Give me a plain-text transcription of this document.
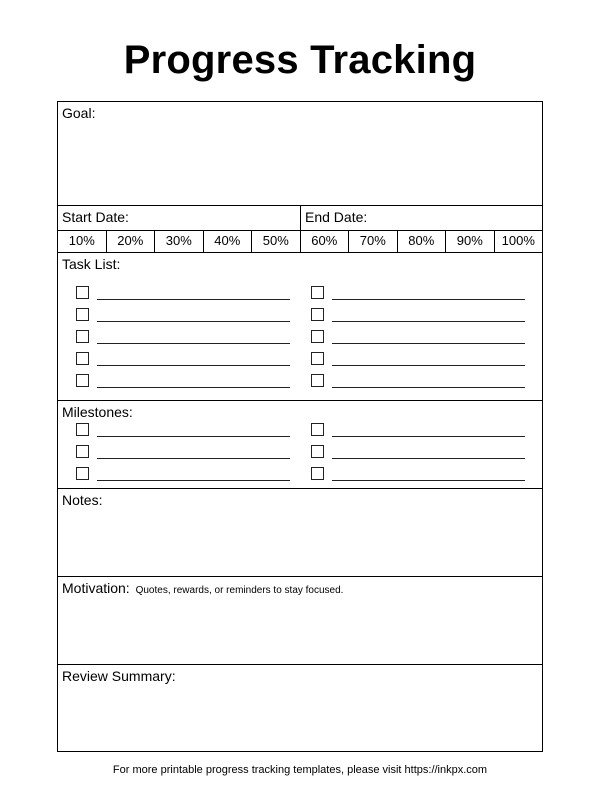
Progress Tracking
Goal:
Start Date:	End Date:
10%	20%	30%	40%	50%	60%	70%	80%	90%	100%
Task List:
Milestones:
Notes:
Motivation: Quotes, rewards, or reminders to stay focused.
Review Summary:
For more printable progress tracking templates, please visit https://inkpx.com
